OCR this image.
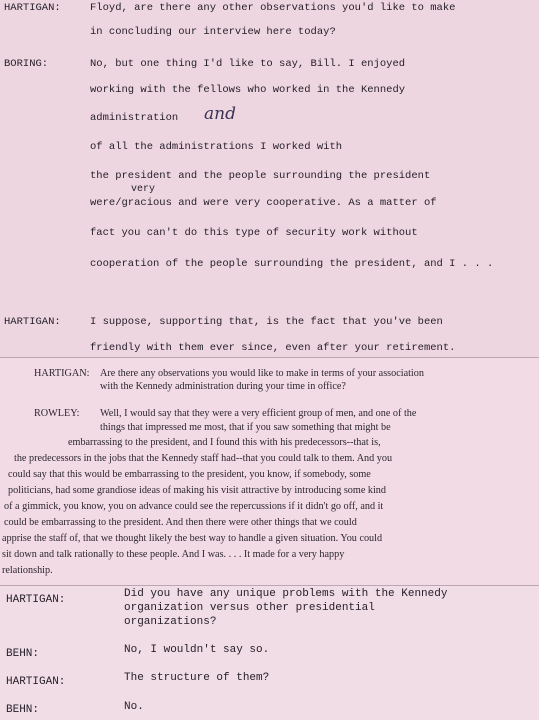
HARTIGAN:	Floyd, are there any other observations you'd like to make
in concluding our interview here today?
BORING:	No, but one thing I'd like to say, Bill. I enjoyed
working with the fellows who worked in the Kennedy
administration and
of all the administrations I worked with
the president and the people surrounding the president
very
were/gracious and were very cooperative. As a matter of
fact you can't do this type of security work without
cooperation of the people surrounding the president, and I . . .
HARTIGAN:	I suppose, supporting that, is the fact that you've been
friendly with them ever since, even after your retirement.
HARTIGAN: Are there any observations you would like to make in terms of your association
with the Kennedy administration during your time in office?
ROWLEY: Well, I would say that they were a very efficient group of men, and one of the
things that impressed me most, that if you saw something that might be
embarrassing to the president, and I found this with his predecessors--that is,
the predecessors in the jobs that the Kennedy staff had--that you could talk to them. And you
could say that this would be embarrassing to the president, you know, if somebody, some
politicians, had some grandiose ideas of making his visit attractive by introducing some kind
of a gimmick, you know, you on advance could see the repercussions if it didn't go off, and it
could be embarrassing to the president. And then there were other things that we could
apprise the staff of, that we thought likely the best way to handle a given situation. You could
sit down and talk rationally to these people. And I was. . . . It made for a very happy
relationship.
HARTIGAN:	Did you have any unique problems with the Kennedy
organization versus other presidential
organizations?
BEHN:	No, I wouldn't say so.
HARTIGAN:	The structure of them?
BEHN:	No.
